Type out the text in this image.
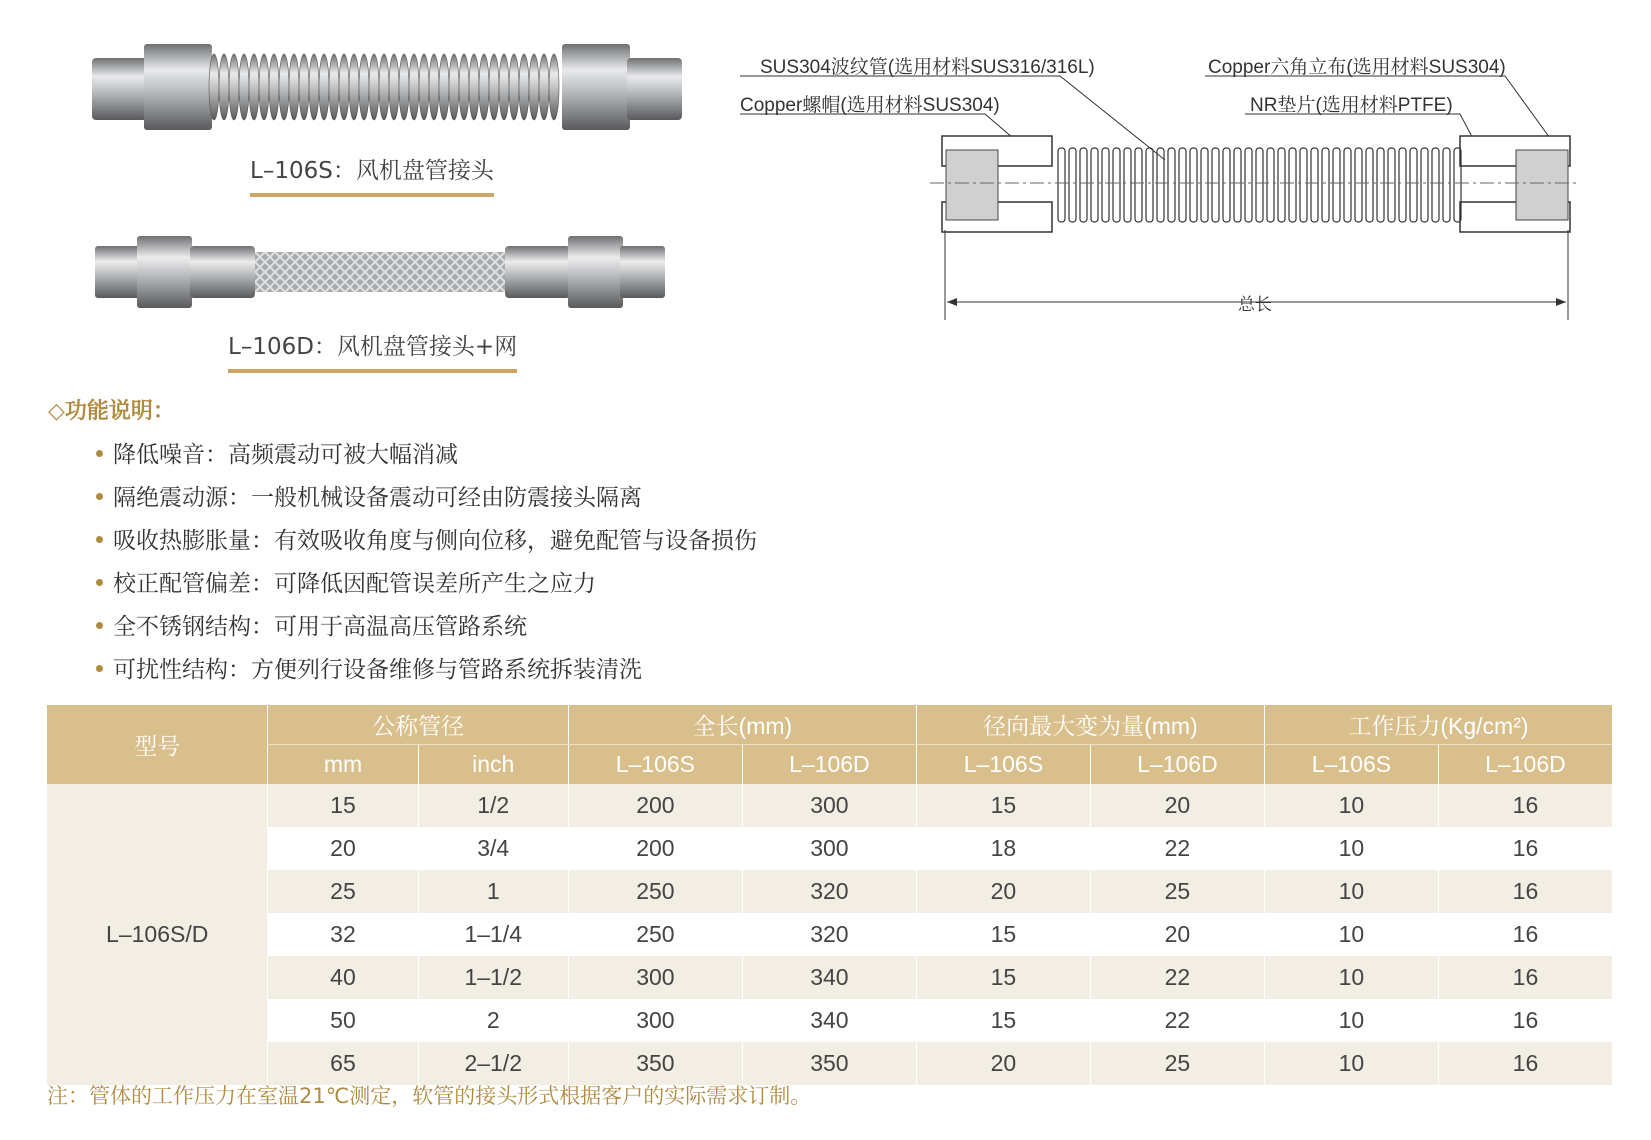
L–106S：风机盘管接头
L–106D：风机盘管接头+网
SUS304波纹管(选用材料SUS316/316L)
Copper螺帽(选用材料SUS304)
Copper六角立布(选用材料SUS304)
NR垫片(选用材料PTFE)
总长
◇功能说明：
降低噪音：高频震动可被大幅消减
隔绝震动源：一般机械设备震动可经由防震接头隔离
吸收热膨胀量：有效吸收角度与侧向位移，避免配管与设备损伤
校正配管偏差：可降低因配管误差所产生之应力
全不锈钢结构：可用于高温高压管路系统
可扰性结构：方便列行设备维修与管路系统拆装清洗
型号	公称管径		全长(mm)		径向最大变为量(mm)		工作压力(Kg/cm²)	
	mm	inch	L–106S	L–106D	L–106S	L–106D	L–106S	L–106D
L–106S/D	15	1/2	200	300	15	20	10	16
	20	3/4	200	300	18	22	10	16
	25	1	250	320	20	25	10	16
	32	1–1/4	250	320	15	20	10	16
	40	1–1/2	300	340	15	22	10	16
	50	2	300	340	15	22	10	16
	65	2–1/2	350	350	20	25	10	16
注：管体的工作压力在室温21℃测定，软管的接头形式根据客户的实际需求订制。
